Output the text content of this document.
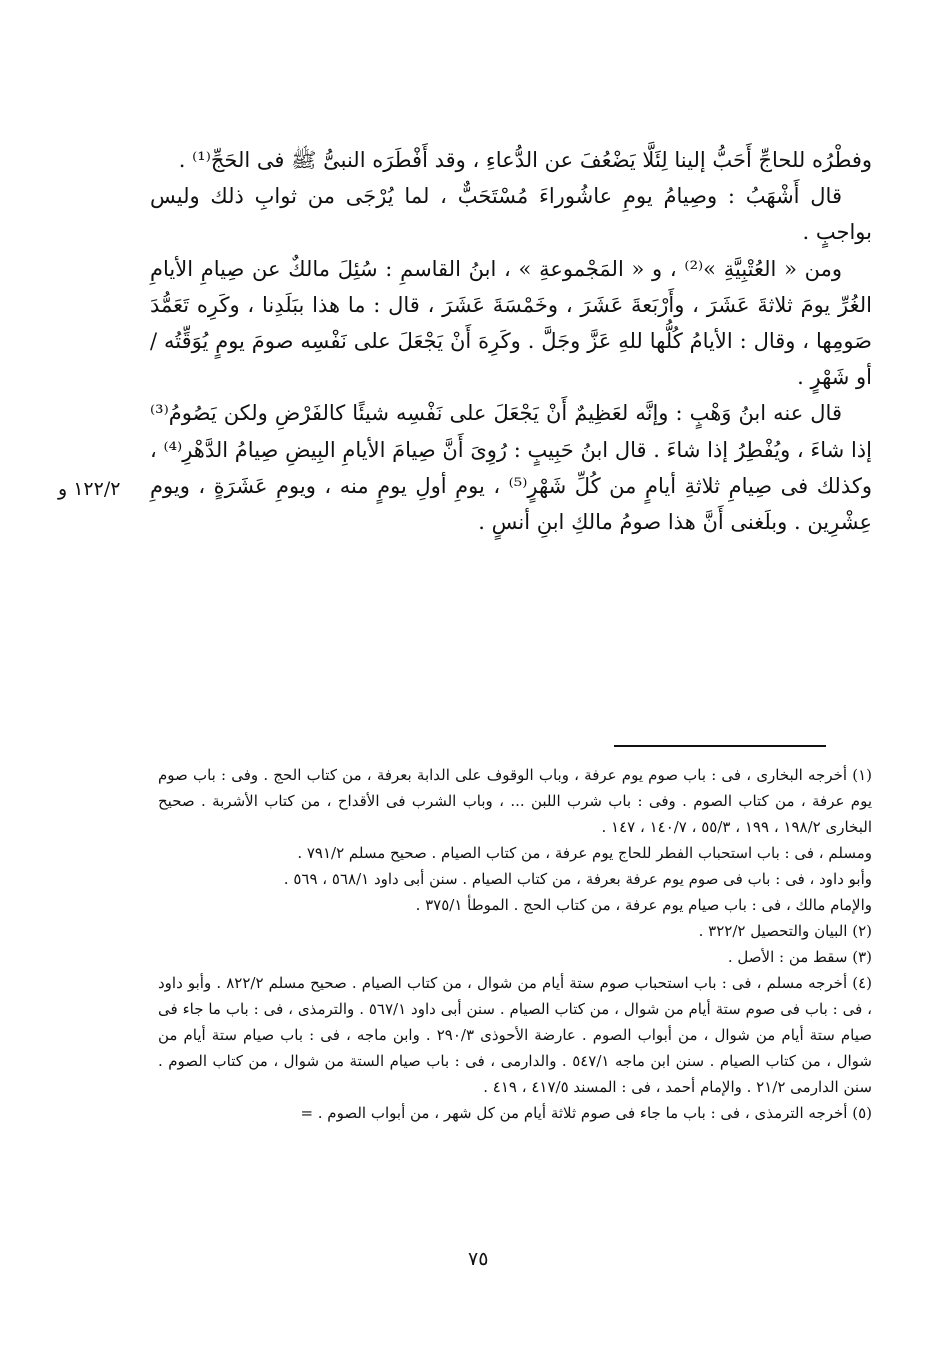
وفطْرُه للحاجِّ أَحَبُّ إلينا لِئَلَّا يَضْعُفَ عن الدُّعاءِ ، وقد أَفْطَرَه النبىُّ ﷺ فى الحَجِّ⁽¹⁾ .

قال أَشْهَبُ : وصِيامُ يومِ عاشُوراءَ مُسْتَحَبٌّ ، لما يُرْجَى من ثوابِ ذلك وليس بواجبٍ .

ومن « العُتْبِيَّةِ »⁽²⁾ ، و « المَجْموعةِ » ، ابنُ القاسمِ : سُئِلَ مالكٌ عن صِيامِ الأيامِ الغُرِّ يومَ ثلاثةَ عَشَرَ ، وأَرْبَعةَ عَشَرَ ، وخَمْسَةَ عَشَرَ ، قال : ما هذا ببَلَدِنا ، وكَرِه تَعَمُّدَ صَومِها ، وقال : الأيامُ كُلُّها للهِ عَزَّ وجَلَّ . وكَرِهَ أَنْ يَجْعَلَ على نَفْسِه صومَ يومٍ يُوَقِّتُه / أو شَهْرٍ .

قال عنه ابنُ وَهْبٍ : وإنَّه لعَظِيمٌ أَنْ يَجْعَلَ على نَفْسِه شيئًا كالفَرْضِ ولكن يَصُومُ⁽³⁾ إذا شاءَ ، ويُفْطِرُ إذا شاءَ . قال ابنُ حَبِيبٍ : رُوِىَ أَنَّ صِيامَ الأيامِ البِيضِ صِيامُ الدَّهْرِ⁽⁴⁾ ، وكذلك فى صِيامِ ثلاثةِ أيامٍ من كُلِّ شَهْرٍ⁽⁵⁾ ، يومِ أولِ يومٍ منه ، ويومِ عَشَرَةٍ ، ويومِ عِشْرِين . وبلَغنى أَنَّ هذا صومُ مالكِ ابنِ أنسٍ .

١٢٢/٢ و

(١) أخرجه البخارى ، فى : باب صوم يوم عرفة ، وباب الوقوف على الدابة بعرفة ، من كتاب الحج . وفى : باب صوم يوم عرفة ، من كتاب الصوم . وفى : باب شرب اللبن ... ، وباب الشرب فى الأقداح ، من كتاب الأشربة . صحيح البخارى ١٩٨/٢ ، ١٩٩ ، ٥٥/٣ ، ١٤٠/٧ ، ١٤٧ .

ومسلم ، فى : باب استحباب الفطر للحاج يوم عرفة ، من كتاب الصيام . صحيح مسلم ٧٩١/٢ .

وأبو داود ، فى : باب فى صوم يوم عرفة بعرفة ، من كتاب الصيام . سنن أبى داود ٥٦٨/١ ، ٥٦٩ .

والإمام مالك ، فى : باب صيام يوم عرفة ، من كتاب الحج . الموطأ ٣٧٥/١ .

(٢) البيان والتحصيل ٣٢٢/٢ .

(٣) سقط من : الأصل .

(٤) أخرجه مسلم ، فى : باب استحباب صوم ستة أيام من شوال ، من كتاب الصيام . صحيح مسلم ٨٢٢/٢ . وأبو داود ، فى : باب فى صوم ستة أيام من شوال ، من كتاب الصيام . سنن أبى داود ٥٦٧/١ . والترمذى ، فى : باب ما جاء فى صيام ستة أيام من شوال ، من أبواب الصوم . عارضة الأحوذى ٢٩٠/٣ . وابن ماجه ، فى : باب صيام ستة أيام من شوال ، من كتاب الصيام . سنن ابن ماجه ٥٤٧/١ . والدارمى ، فى : باب صيام الستة من شوال ، من كتاب الصوم . سنن الدارمى ٢١/٢ . والإمام أحمد ، فى : المسند ٤١٧/٥ ، ٤١٩ .

(٥) أخرجه الترمذى ، فى : باب ما جاء فى صوم ثلاثة أيام من كل شهر ، من أبواب الصوم . =

٧٥
